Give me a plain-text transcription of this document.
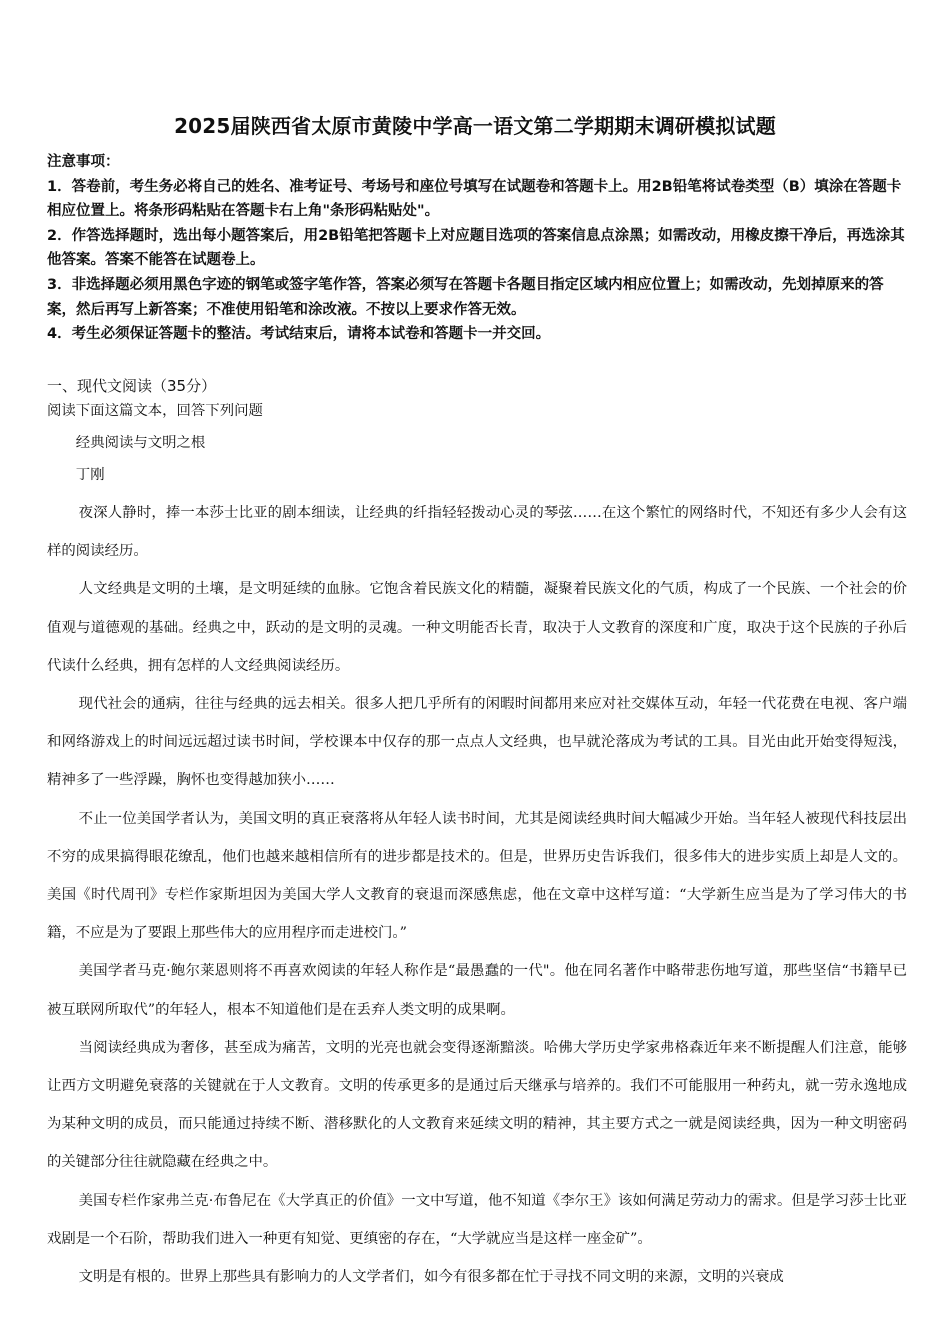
2025届陕西省太原市黄陵中学高一语文第二学期期末调研模拟试题

注意事项：

1．答卷前，考生务必将自己的姓名、准考证号、考场号和座位号填写在试题卷和答题卡上。用2B铅笔将试卷类型（B）填涂在答题卡相应位置上。将条形码粘贴在答题卡右上角"条形码粘贴处"。

2．作答选择题时，选出每小题答案后，用2B铅笔把答题卡上对应题目选项的答案信息点涂黑；如需改动，用橡皮擦干净后，再选涂其他答案。答案不能答在试题卷上。

3．非选择题必须用黑色字迹的钢笔或签字笔作答，答案必须写在答题卡各题目指定区域内相应位置上；如需改动，先划掉原来的答案，然后再写上新答案；不准使用铅笔和涂改液。不按以上要求作答无效。

4．考生必须保证答题卡的整洁。考试结束后，请将本试卷和答题卡一并交回。

一、现代文阅读（35分）

阅读下面这篇文本，回答下列问题

经典阅读与文明之根

丁刚

夜深人静时，捧一本莎士比亚的剧本细读，让经典的纤指轻轻拨动心灵的琴弦……在这个繁忙的网络时代，不知还有多少人会有这样的阅读经历。

人文经典是文明的土壤，是文明延续的血脉。它饱含着民族文化的精髓，凝聚着民族文化的气质，构成了一个民族、一个社会的价值观与道德观的基础。经典之中，跃动的是文明的灵魂。一种文明能否长青，取决于人文教育的深度和广度，取决于这个民族的子孙后代读什么经典，拥有怎样的人文经典阅读经历。

现代社会的通病，往往与经典的远去相关。很多人把几乎所有的闲暇时间都用来应对社交媒体互动，年轻一代花费在电视、客户端和网络游戏上的时间远远超过读书时间，学校课本中仅存的那一点点人文经典，也早就沦落成为考试的工具。目光由此开始变得短浅，精神多了一些浮躁，胸怀也变得越加狭小……

不止一位美国学者认为，美国文明的真正衰落将从年轻人读书时间，尤其是阅读经典时间大幅减少开始。当年轻人被现代科技层出不穷的成果搞得眼花缭乱，他们也越来越相信所有的进步都是技术的。但是，世界历史告诉我们，很多伟大的进步实质上却是人文的。美国《时代周刊》专栏作家斯坦因为美国大学人文教育的衰退而深感焦虑，他在文章中这样写道：“大学新生应当是为了学习伟大的书籍，不应是为了要跟上那些伟大的应用程序而走进校门。”

美国学者马克·鲍尔莱恩则将不再喜欢阅读的年轻人称作是“最愚蠢的一代"。他在同名著作中略带悲伤地写道，那些坚信“书籍早已被互联网所取代”的年轻人，根本不知道他们是在丢弃人类文明的成果啊。

当阅读经典成为奢侈，甚至成为痛苦，文明的光亮也就会变得逐渐黯淡。哈佛大学历史学家弗格森近年来不断提醒人们注意，能够让西方文明避免衰落的关键就在于人文教育。文明的传承更多的是通过后天继承与培养的。我们不可能服用一种药丸，就一劳永逸地成为某种文明的成员，而只能通过持续不断、潜移默化的人文教育来延续文明的精神，其主要方式之一就是阅读经典，因为一种文明密码的关键部分往往就隐藏在经典之中。

美国专栏作家弗兰克·布鲁尼在《大学真正的价值》一文中写道，他不知道《李尔王》该如何满足劳动力的需求。但是学习莎士比亚戏剧是一个石阶，帮助我们进入一种更有知觉、更缜密的存在，“大学就应当是这样一座金矿”。

文明是有根的。世界上那些具有影响力的人文学者们，如今有很多都在忙于寻找不同文明的来源，文明的兴衰成
